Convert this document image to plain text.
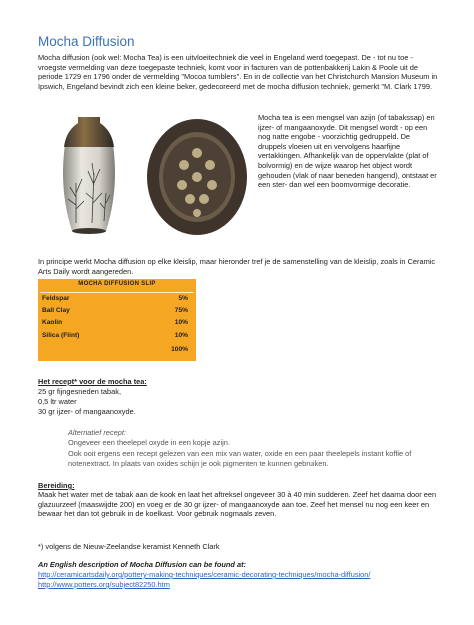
Mocha Diffusion
Mocha diffusion (ook wel: Mocha Tea) is een uitvloeitechniek die veel in Engeland werd toegepast. De - tot nu toe - vroegste vermelding van deze toegepaste techniek, komt voor in facturen van de pottenbakkerij Lakin & Poole uit de periode 1729 en 1796 onder de vermelding "Mocoa tumblers". En in de collectie van het Christchurch Mansion Museum in Ipswich, Engeland bevindt zich een kleine beker, gedecoreerd met de mocha diffusion techniek, gemerkt "M. Clark 1799.
Mocha tea is een mengsel van azijn (of tabakssap) en ijzer- of mangaanoxyde. Dit mengsel wordt - op een nog natte engobe - voorzichtig gedruppeld. De druppels vloeien uit en vervolgens haarfijne vertakkingen. Afhankelijk van de oppervlakte (plat of bolvormig) en de wijze waarop het object wordt gehouden (vlak of naar beneden hangend), ontstaat er een ster- dan wel een boomvormige decoratie.
In principe werkt Mocha diffusion op elke kleislip, maar hieronder tref je de samenstelling van de kleislip, zoals in Ceramic Arts Daily wordt aangereden.
MOCHA DIFFUSION SLIP
Feldspar	5%
Ball Clay	75%
Kaolin	10%
Silica (Flint)	10%
100%
Het recept* voor de mocha tea:
25 gr fijngesneden tabak,
0,5 ltr water
30 gr ijzer- of mangaanoxyde.
Alternatief recept:
Ongeveer een theelepel oxyde in een kopje azijn.
Ook ooit ergens een recept gelezen van een mix van water, oxide en een paar theelepels instant koffie of notenextract. In plaats van oxides schijn je ook pigmenten te kunnen gebruiken.
Bereiding:
Maak het water met de tabak aan de kook en laat het aftreksel ongeveer 30 à 40 min sudderen. Zeef het daarna door een glazuurzeef (maaswijdte 200) en voeg er de 30 gr ijzer- of mangaanoxyde aan toe. Zeef het mensel nu nog een keer en bewaar het dan tot gebruik in de koelkast. Voor gebruik nogmaals zeven.
*) volgens de Nieuw-Zeelandse keramist Kenneth Clark
An English description of Mocha Diffusion can be found at:
http://ceramicartsdaily.org/pottery-making-techniques/ceramic-decorating-techniques/mocha-diffusion/
http://www.potters.org/subject82250.htm
